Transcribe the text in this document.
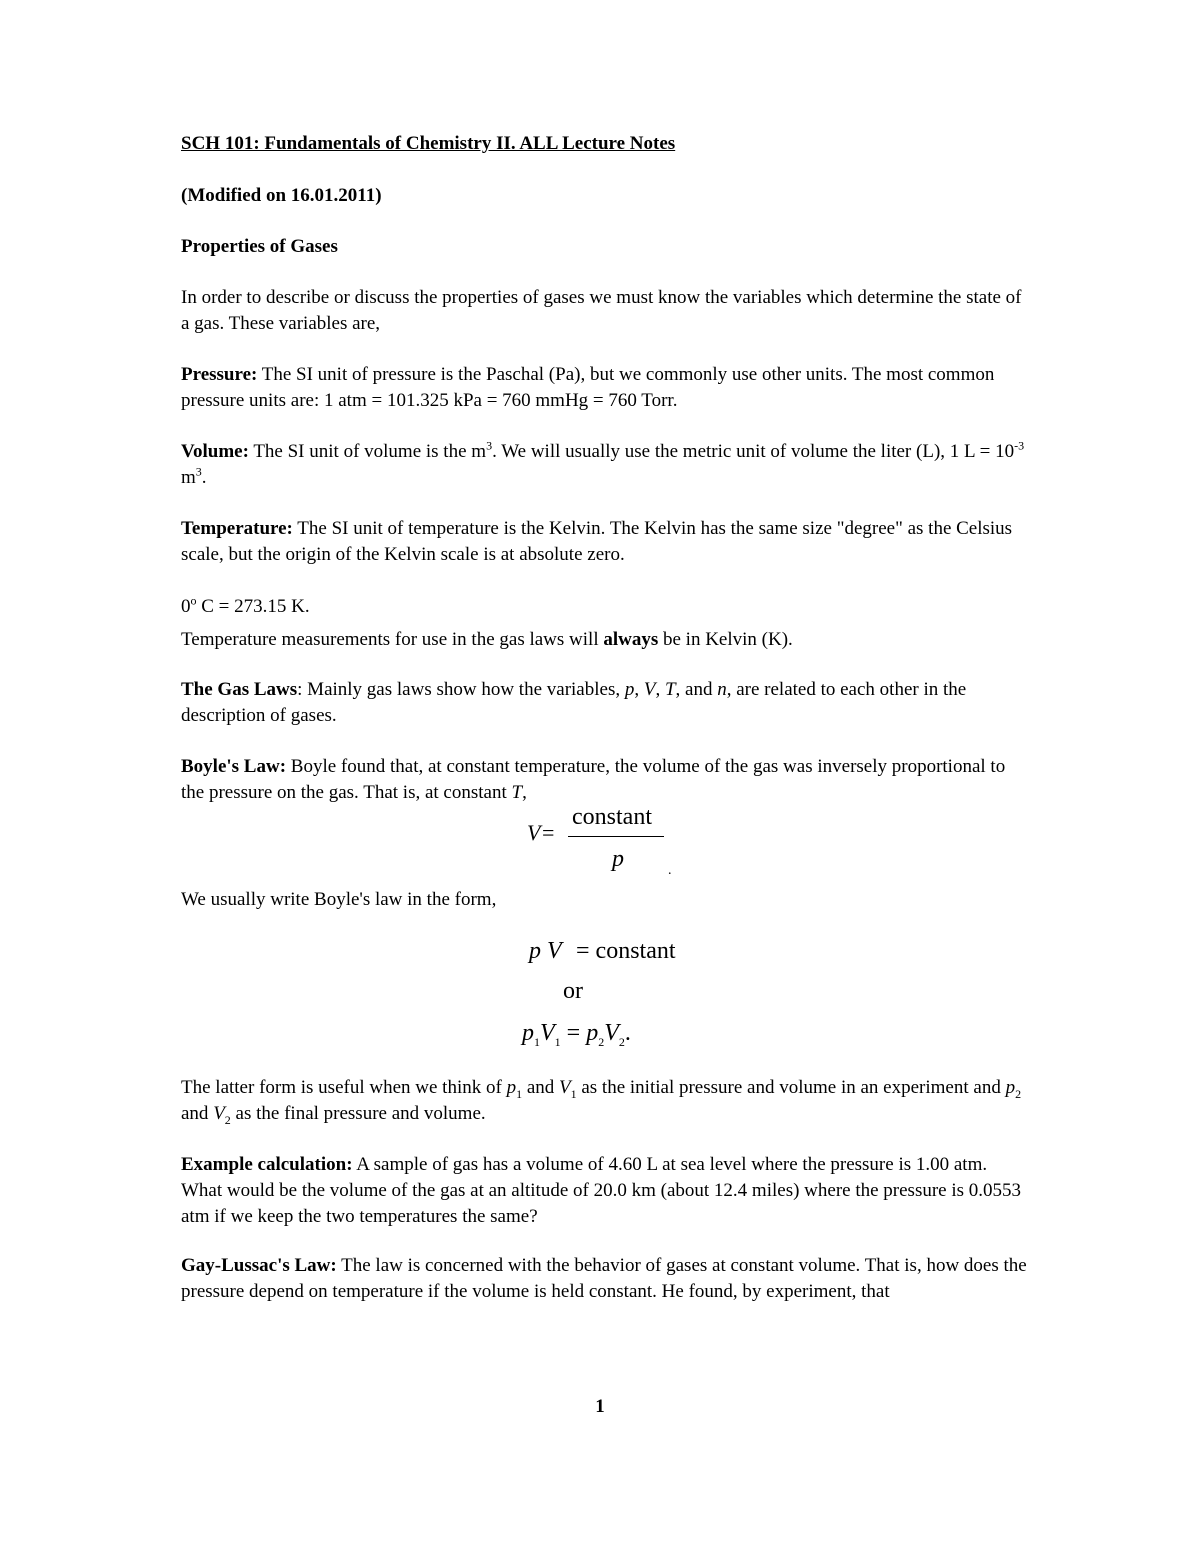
SCH 101: Fundamentals of Chemistry II. ALL Lecture Notes

(Modified on 16.01.2011)

Properties of Gases

In order to describe or discuss the properties of gases we must know the variables which determine the state of a gas. These variables are,

Pressure: The SI unit of pressure is the Paschal (Pa), but we commonly use other units. The most common pressure units are: 1 atm = 101.325 kPa = 760 mmHg = 760 Torr.

Volume: The SI unit of volume is the $m^3$. We will usually use the metric unit of volume the liter (L), 1 $L = 10^{-3}$ $m^3$.

Temperature: The SI unit of temperature is the Kelvin. The Kelvin has the same size "degree" as the Celsius scale, but the origin of the Kelvin scale is at absolute zero.

0$^o$ C = 273.15 K.

Temperature measurements for use in the gas laws will always be in Kelvin (K).

The Gas Laws: Mainly gas laws show how the variables, p, V, T, and n, are related to each other in the description of gases.

Boyle's Law: Boyle found that, at constant temperature, the volume of the gas was inversely proportional to the pressure on the gas. That is, at constant T,

V =
constant
p	.

We usually write Boyle's law in the form,

p V = constant
or
$p_1V_1 = p_2V_2$.

The latter form is useful when we think of $p_1$ and $V_1$ as the initial pressure and volume in an experiment and $p_2$ and $V_2$ as the final pressure and volume.

Example calculation: A sample of gas has a volume of 4.60 L at sea level where the pressure is 1.00 atm. What would be the volume of the gas at an altitude of 20.0 km (about 12.4 miles) where the pressure is 0.0553 atm if we keep the two temperatures the same?

Gay-Lussac's Law: The law is concerned with the behavior of gases at constant volume. That is, how does the pressure depend on temperature if the volume is held constant. He found, by experiment, that

1
